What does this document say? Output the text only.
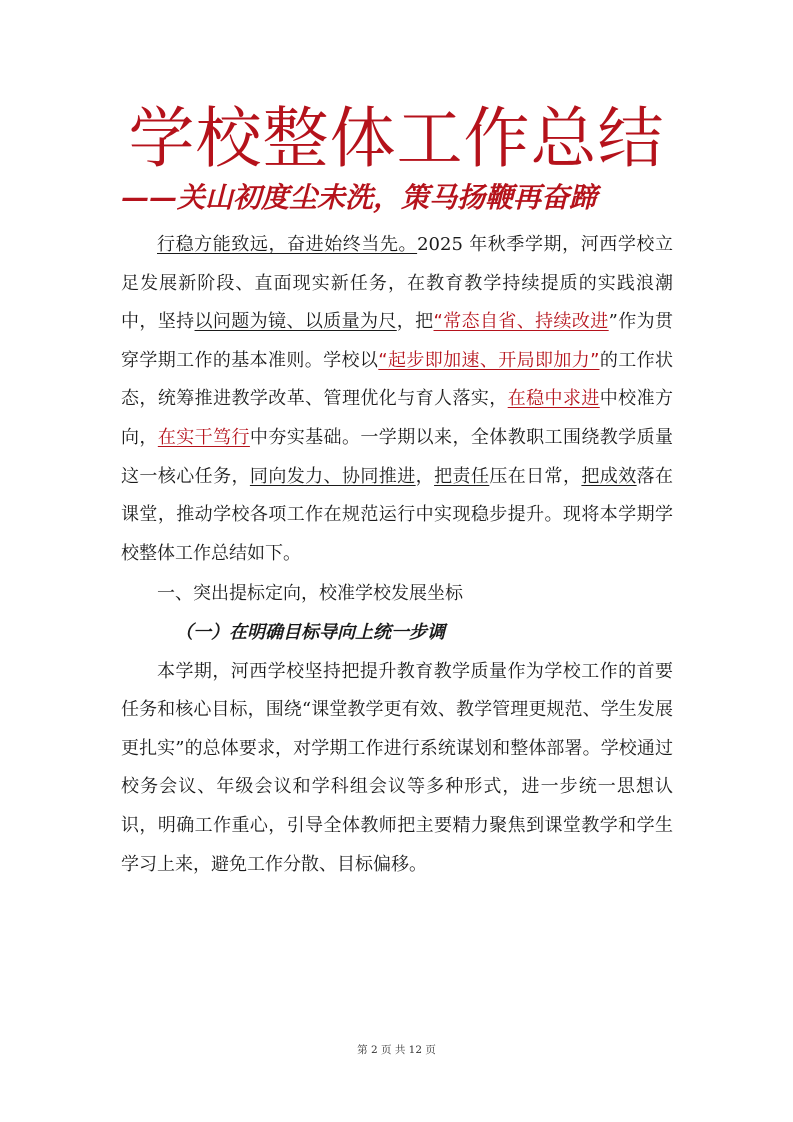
学校整体工作总结
——关山初度尘未洗，策马扬鞭再奋蹄

行稳方能致远，奋进始终当先。2025 年秋季学期，河西学校立足发展新阶段、直面现实新任务，在教育教学持续提质的实践浪潮中，坚持以问题为镜、以质量为尺，把“常态自省、持续改进”作为贯穿学期工作的基本准则。学校以“起步即加速、开局即加力”的工作状态，统筹推进教学改革、管理优化与育人落实，在稳中求进中校准方向，在实干笃行中夯实基础。一学期以来，全体教职工围绕教学质量这一核心任务，同向发力、协同推进，把责任压在日常，把成效落在课堂，推动学校各项工作在规范运行中实现稳步提升。现将本学期学校整体工作总结如下。

一、突出提标定向，校准学校发展坐标

（一）在明确目标导向上统一步调

本学期，河西学校坚持把提升教育教学质量作为学校工作的首要任务和核心目标，围绕“课堂教学更有效、教学管理更规范、学生发展更扎实”的总体要求，对学期工作进行系统谋划和整体部署。学校通过校务会议、年级会议和学科组会议等多种形式，进一步统一思想认识，明确工作重心，引导全体教师把主要精力聚焦到课堂教学和学生学习上来，避免工作分散、目标偏移。

第 2 页 共 12 页
